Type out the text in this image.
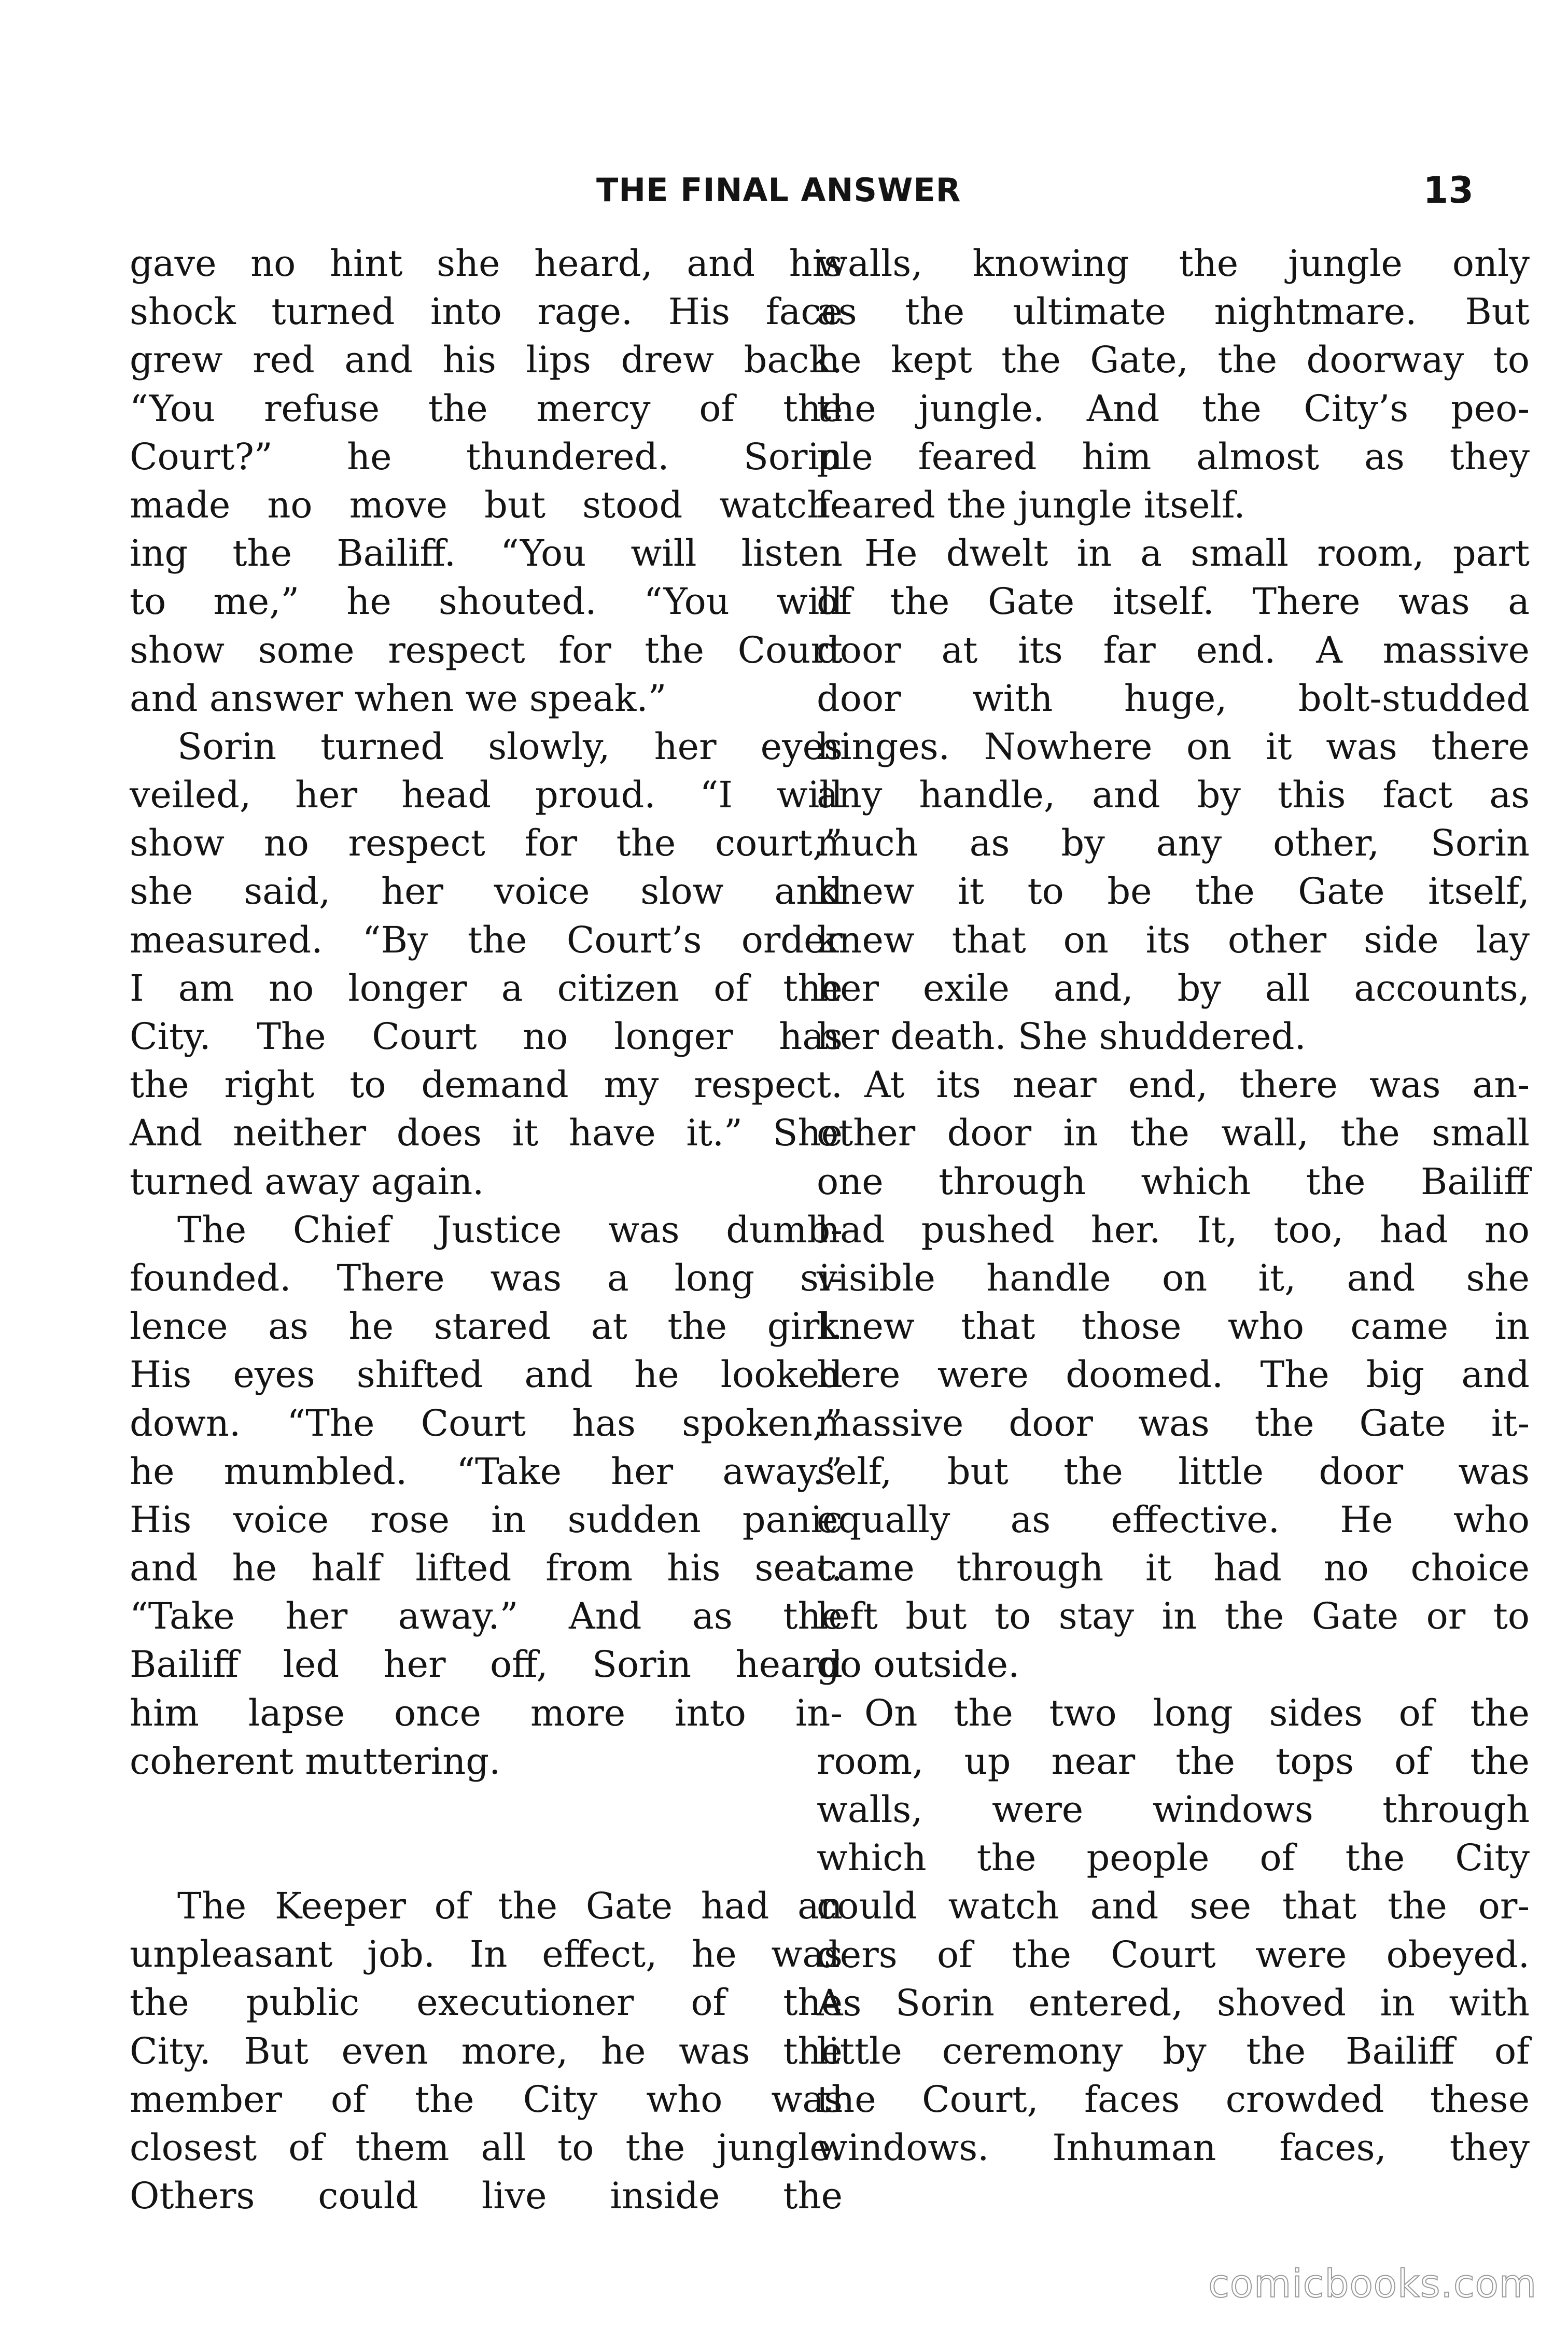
THE FINAL ANSWER	13
gave no hint she heard, and his
shock turned into rage. His face
grew red and his lips drew back.
“You refuse the mercy of the
Court?” he thundered. Sorin
made no move but stood watch-
ing the Bailiff. “You will listen
to me,” he shouted. “You will
show some respect for the Court
and answer when we speak.”
Sorin turned slowly, her eyes
veiled, her head proud. “I will
show no respect for the court,”
she said, her voice slow and
measured. “By the Court’s order
I am no longer a citizen of the
City. The Court no longer has
the right to demand my respect.
And neither does it have it.” She
turned away again.
The Chief Justice was dumb-
founded. There was a long si-
lence as he stared at the girl.
His eyes shifted and he looked
down. “The Court has spoken,”
he mumbled. “Take her away.”
His voice rose in sudden panic
and he half lifted from his seat.
“Take her away.” And as the
Bailiff led her off, Sorin heard
him lapse once more into in-
coherent muttering.
The Keeper of the Gate had an
unpleasant job. In effect, he was
the public executioner of the
City. But even more, he was the
member of the City who was
closest of them all to the jungle.
Others could live inside the
walls, knowing the jungle only
as the ultimate nightmare. But
he kept the Gate, the doorway to
the jungle. And the City’s peo-
ple feared him almost as they
feared the jungle itself.
He dwelt in a small room, part
of the Gate itself. There was a
door at its far end. A massive
door with huge, bolt-studded
hinges. Nowhere on it was there
any handle, and by this fact as
much as by any other, Sorin
knew it to be the Gate itself,
knew that on its other side lay
her exile and, by all accounts,
her death. She shuddered.
At its near end, there was an-
other door in the wall, the small
one through which the Bailiff
had pushed her. It, too, had no
visible handle on it, and she
knew that those who came in
here were doomed. The big and
massive door was the Gate it-
self, but the little door was
equally as effective. He who
came through it had no choice
left but to stay in the Gate or to
go outside.
On the two long sides of the
room, up near the tops of the
walls, were windows through
which the people of the City
could watch and see that the or-
ders of the Court were obeyed.
As Sorin entered, shoved in with
little ceremony by the Bailiff of
the Court, faces crowded these
windows. Inhuman faces, they
comicbooks.com
